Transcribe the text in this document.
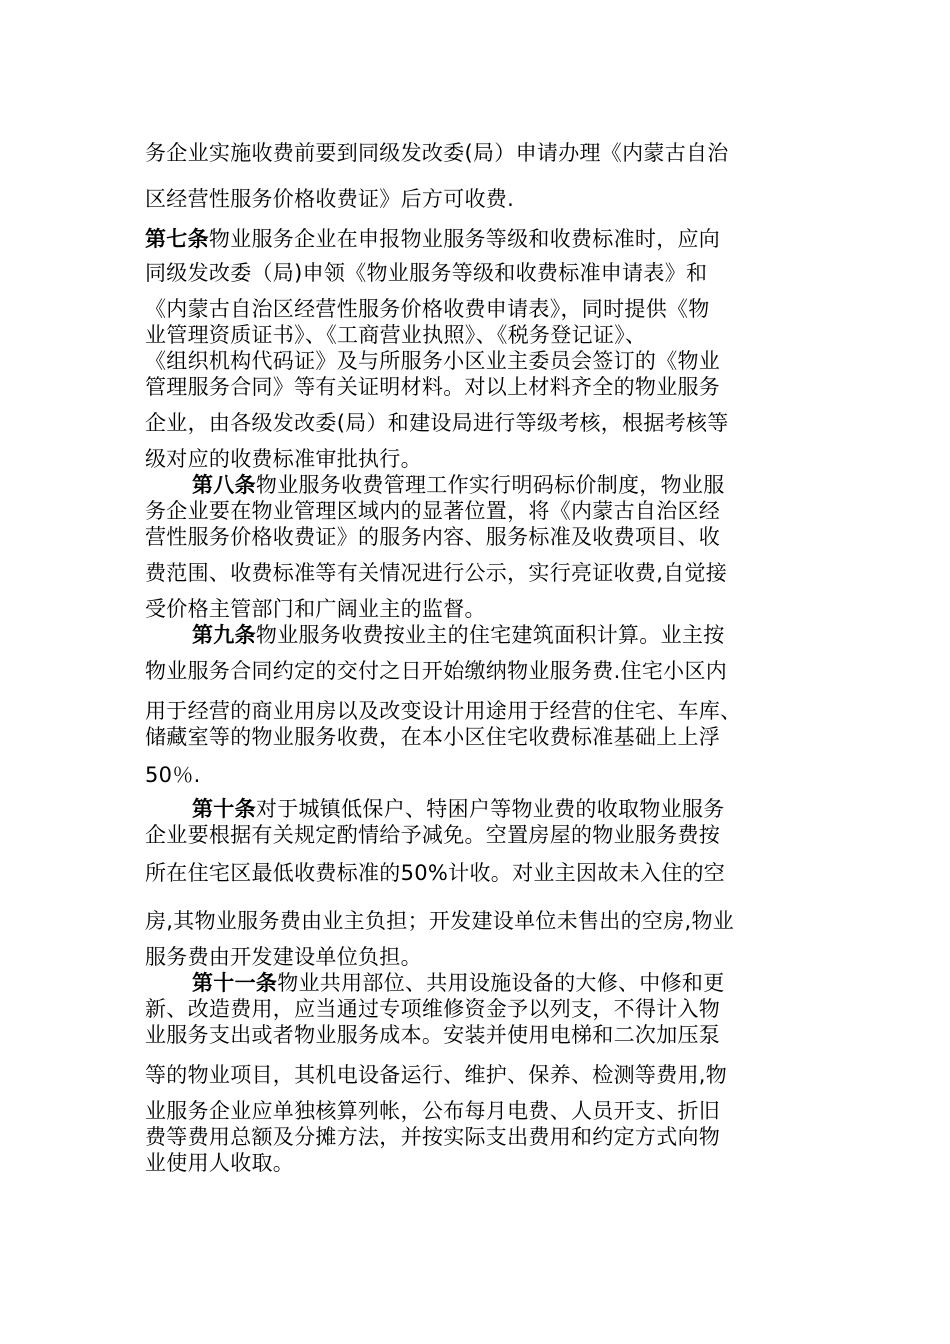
务企业实施收费前要到同级发改委(局）申请办理《内蒙古自治
区经营性服务价格收费证》后方可收费.
第七条物业服务企业在申报物业服务等级和收费标准时，应向
同级发改委（局)申领《物业服务等级和收费标准申请表》和
《内蒙古自治区经营性服务价格收费申请表》，同时提供《物
业管理资质证书》、《工商营业执照》、《税务登记证》、
《组织机构代码证》及与所服务小区业主委员会签订的《物业
管理服务合同》等有关证明材料。对以上材料齐全的物业服务
企业，由各级发改委(局）和建设局进行等级考核，根据考核等
级对应的收费标准审批执行。
第八条物业服务收费管理工作实行明码标价制度，物业服
务企业要在物业管理区域内的显著位置，将《内蒙古自治区经
营性服务价格收费证》的服务内容、服务标准及收费项目、收
费范围、收费标准等有关情况进行公示，实行亮证收费,自觉接
受价格主管部门和广阔业主的监督。
第九条物业服务收费按业主的住宅建筑面积计算。业主按
物业服务合同约定的交付之日开始缴纳物业服务费.住宅小区内
用于经营的商业用房以及改变设计用途用于经营的住宅、车库、
储藏室等的物业服务收费，在本小区住宅收费标准基础上上浮
50％.
第十条对于城镇低保户、特困户等物业费的收取物业服务
企业要根据有关规定酌情给予减免。空置房屋的物业服务费按
所在住宅区最低收费标准的50%计收。对业主因故未入住的空
房,其物业服务费由业主负担；开发建设单位未售出的空房,物业
服务费由开发建设单位负担。
第十一条物业共用部位、共用设施设备的大修、中修和更
新、改造费用，应当通过专项维修资金予以列支，不得计入物
业服务支出或者物业服务成本。安装并使用电梯和二次加压泵
等的物业项目，其机电设备运行、维护、保养、检测等费用,物
业服务企业应单独核算列帐，公布每月电费、人员开支、折旧
费等费用总额及分摊方法，并按实际支出费用和约定方式向物
业使用人收取。
